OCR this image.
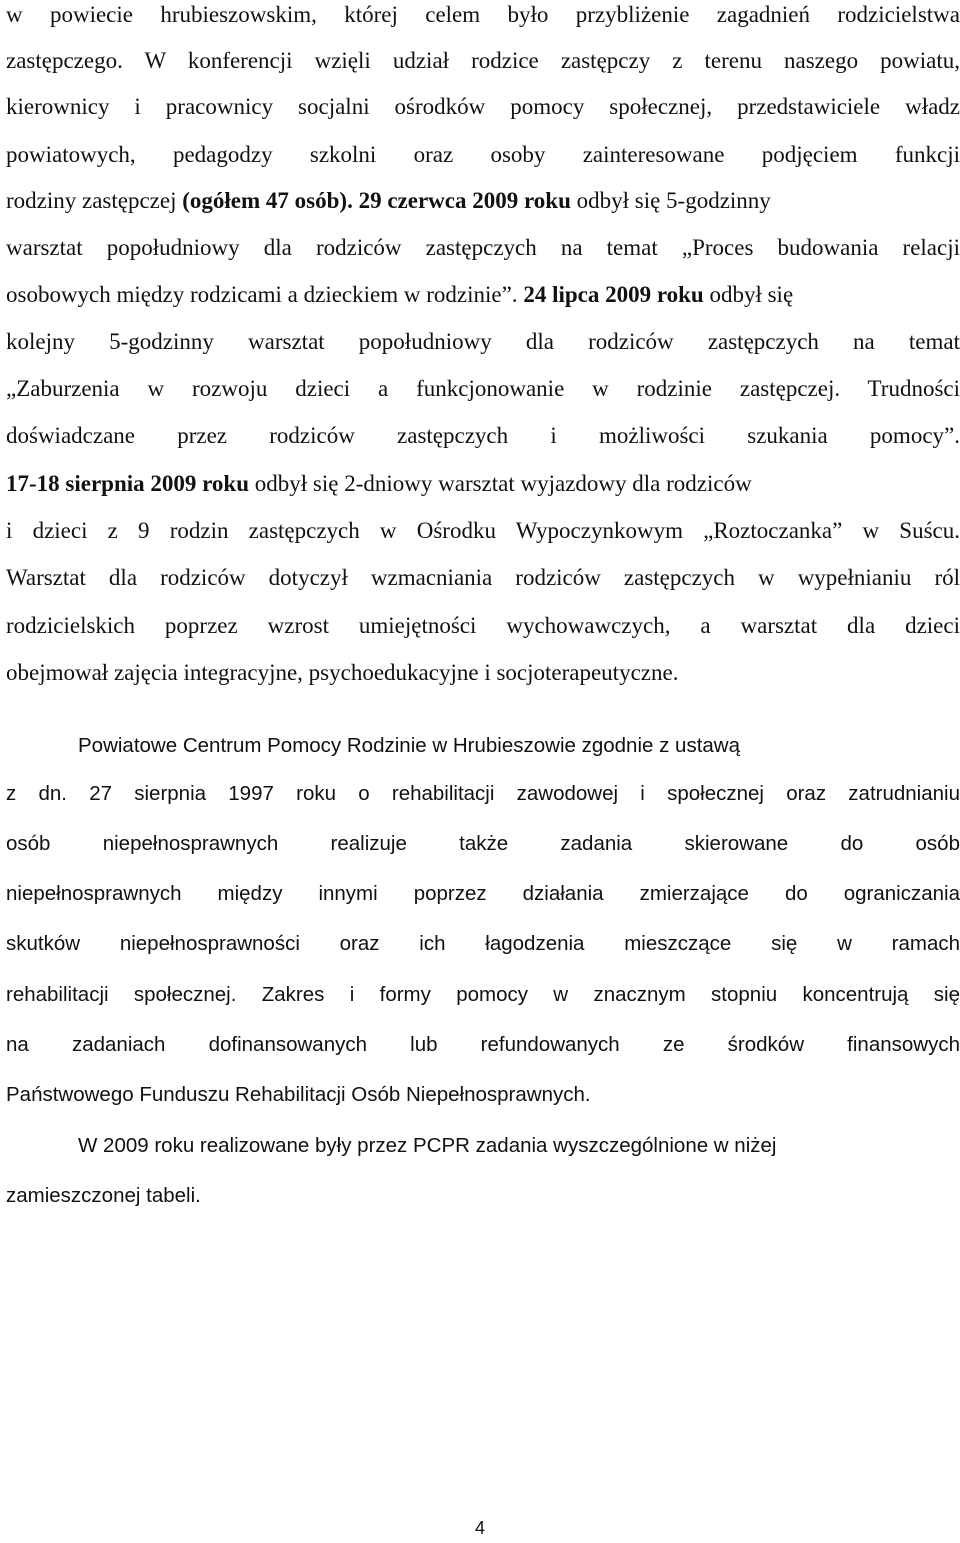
w powiecie hrubieszowskim, której celem było przybliżenie zagadnień rodzicielstwa
zastępczego. W konferencji wzięli udział rodzice zastępczy z terenu naszego powiatu,
kierownicy i pracownicy socjalni ośrodków pomocy społecznej, przedstawiciele władz
powiatowych, pedagodzy szkolni oraz osoby zainteresowane podjęciem funkcji
rodziny zastępczej (ogółem 47 osób). 29 czerwca 2009 roku odbył się 5-godzinny
warsztat popołudniowy dla rodziców zastępczych na temat „Proces budowania relacji
osobowych między rodzicami a dzieckiem w rodzinie”. 24 lipca 2009 roku odbył się
kolejny 5-godzinny warsztat popołudniowy dla rodziców zastępczych na temat
„Zaburzenia w rozwoju dzieci a funkcjonowanie w rodzinie zastępczej. Trudności
doświadczane przez rodziców zastępczych i możliwości szukania pomocy”.
17-18 sierpnia 2009 roku odbył się 2-dniowy warsztat wyjazdowy dla rodziców
i dzieci z 9 rodzin zastępczych w Ośrodku Wypoczynkowym „Roztoczanka” w Suścu.
Warsztat dla rodziców dotyczył wzmacniania rodziców zastępczych w wypełnianiu ról
rodzicielskich poprzez wzrost umiejętności wychowawczych, a warsztat dla dzieci
obejmował zajęcia integracyjne, psychoedukacyjne i socjoterapeutyczne.
Powiatowe Centrum Pomocy Rodzinie w Hrubieszowie zgodnie z ustawą
z dn. 27 sierpnia 1997 roku o rehabilitacji zawodowej i społecznej oraz zatrudnianiu
osób niepełnosprawnych realizuje także zadania skierowane do osób
niepełnosprawnych między innymi poprzez działania zmierzające do ograniczania
skutków niepełnosprawności oraz ich łagodzenia mieszczące się w ramach
rehabilitacji społecznej. Zakres i formy pomocy w znacznym stopniu koncentrują się
na zadaniach dofinansowanych lub refundowanych ze środków finansowych
Państwowego Funduszu Rehabilitacji Osób Niepełnosprawnych.
W 2009 roku realizowane były przez PCPR zadania wyszczególnione w niżej
zamieszczonej tabeli.
4
